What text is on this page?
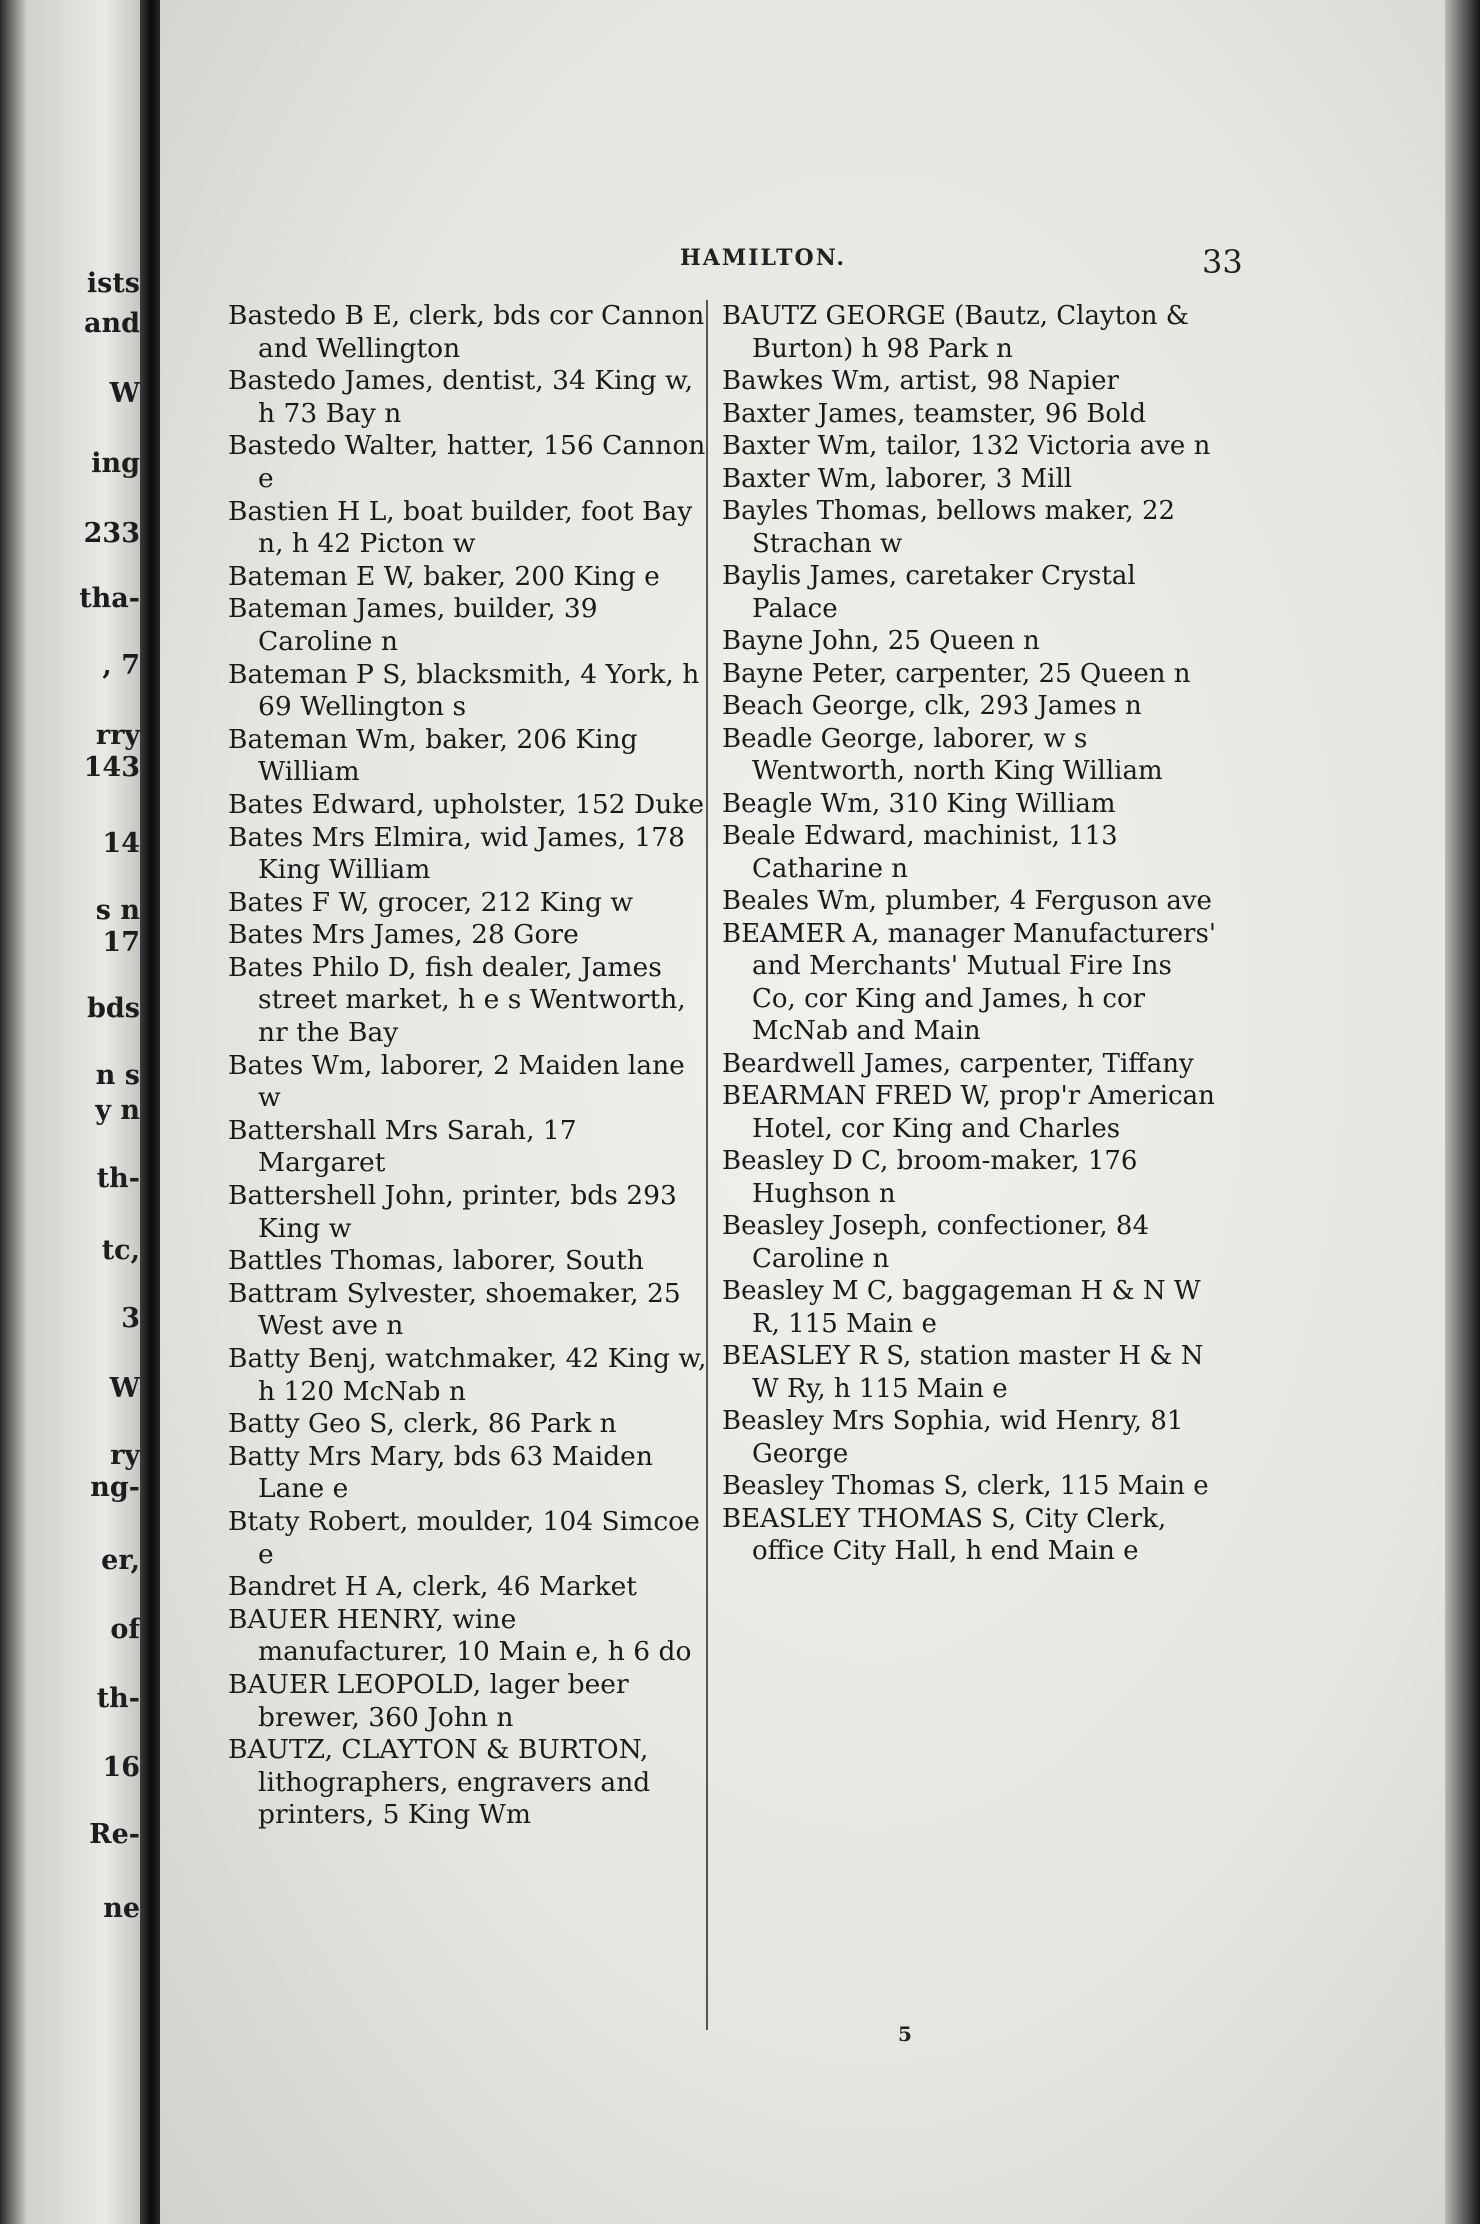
ists
and
W
ing
233
tha-
, 7
rry
143
14
s n
17
bds
n s
y n
th-
tc,
3
W
ry
ng-
er,
of
th-
16
Re-
ne
HAMILTON.	33

Bastedo B E, clerk, bds cor Cannon and Wellington

Bastedo James, dentist, 34 King w, h 73 Bay n

Bastedo Walter, hatter, 156 Cannon e

Bastien H L, boat builder, foot Bay n, h 42 Picton w

Bateman E W, baker, 200 King e

Bateman James, builder, 39 Caroline n

Bateman P S, blacksmith, 4 York, h 69 Wellington s

Bateman Wm, baker, 206 King William

Bates Edward, upholster, 152 Duke

Bates Mrs Elmira, wid James, 178 King William

Bates F W, grocer, 212 King w

Bates Mrs James, 28 Gore

Bates Philo D, fish dealer, James street market, h e s Wentworth, nr the Bay

Bates Wm, laborer, 2 Maiden lane w

Battershall Mrs Sarah, 17 Margaret

Battershell John, printer, bds 293 King w

Battles Thomas, laborer, South

Battram Sylvester, shoemaker, 25 West ave n

Batty Benj, watchmaker, 42 King w, h 120 McNab n

Batty Geo S, clerk, 86 Park n

Batty Mrs Mary, bds 63 Maiden Lane e

Btaty Robert, moulder, 104 Simcoe e

Bandret H A, clerk, 46 Market

BAUER HENRY, wine manufacturer, 10 Main e, h 6 do

BAUER LEOPOLD, lager beer brewer, 360 John n

BAUTZ, CLAYTON & BURTON, lithographers, engravers and printers, 5 King Wm

BAUTZ GEORGE (Bautz, Clayton & Burton) h 98 Park n

Bawkes Wm, artist, 98 Napier

Baxter James, teamster, 96 Bold

Baxter Wm, tailor, 132 Victoria ave n

Baxter Wm, laborer, 3 Mill

Bayles Thomas, bellows maker, 22 Strachan w

Baylis James, caretaker Crystal Palace

Bayne John, 25 Queen n

Bayne Peter, carpenter, 25 Queen n

Beach George, clk, 293 James n

Beadle George, laborer, w s Wentworth, north King William

Beagle Wm, 310 King William

Beale Edward, machinist, 113 Catharine n

Beales Wm, plumber, 4 Ferguson ave

BEAMER A, manager Manufacturers' and Merchants' Mutual Fire Ins Co, cor King and James, h cor McNab and Main

Beardwell James, carpenter, Tiffany

BEARMAN FRED W, prop'r American Hotel, cor King and Charles

Beasley D C, broom-maker, 176 Hughson n

Beasley Joseph, confectioner, 84 Caroline n

Beasley M C, baggageman H & N W R, 115 Main e

BEASLEY R S, station master H & N W Ry, h 115 Main e

Beasley Mrs Sophia, wid Henry, 81 George

Beasley Thomas S, clerk, 115 Main e

BEASLEY THOMAS S, City Clerk, office City Hall, h end Main e

5
